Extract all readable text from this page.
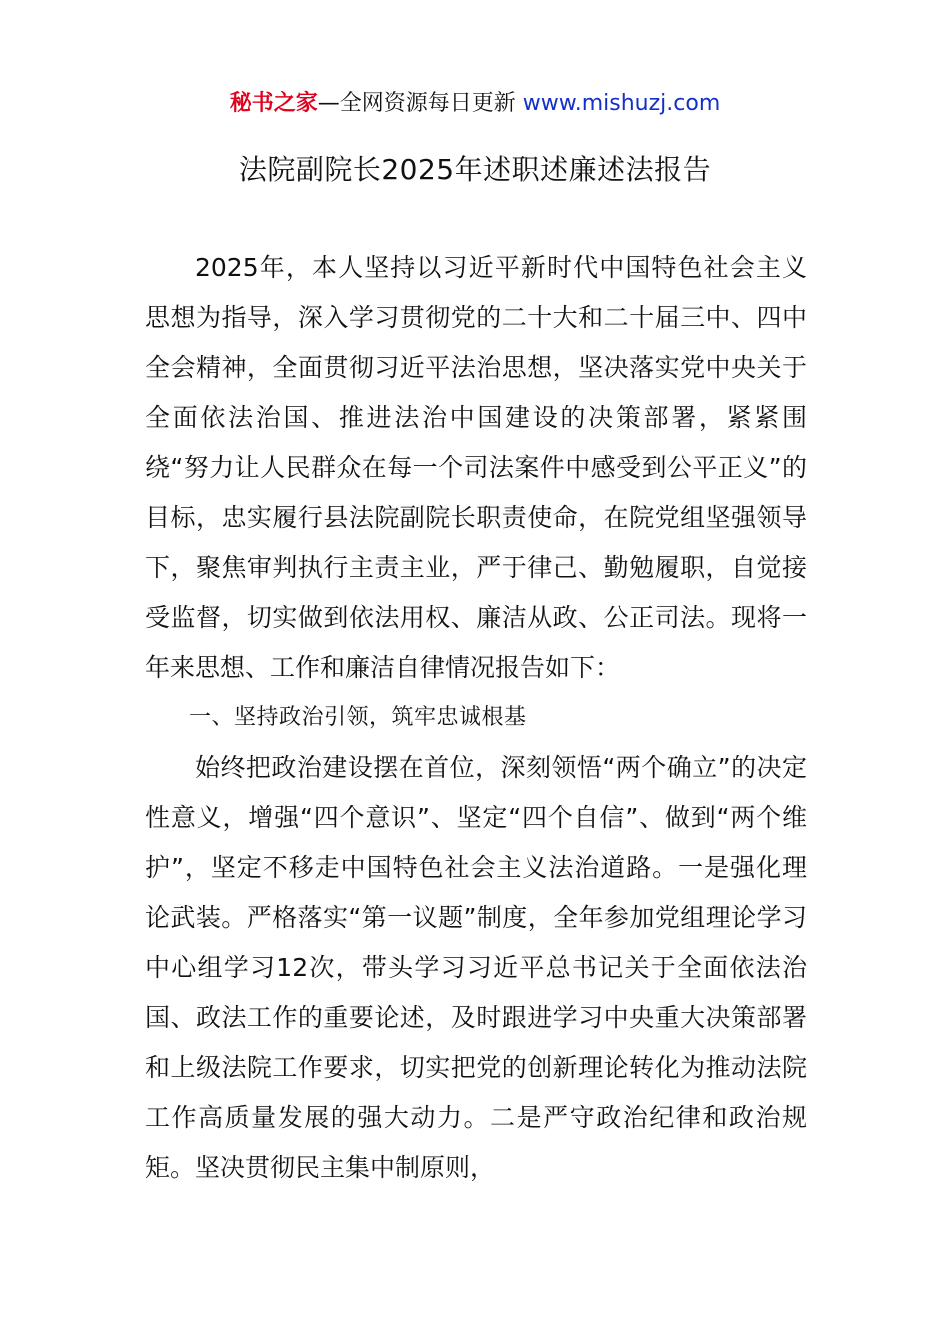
秘书之家—全网资源每日更新 www.mishuzj.com
法院副院长2025年述职述廉述法报告

2025年，本人坚持以习近平新时代中国特色社会主义思想为指导，深入学习贯彻党的二十大和二十届三中、四中全会精神，全面贯彻习近平法治思想，坚决落实党中央关于全面依法治国、推进法治中国建设的决策部署，紧紧围绕“努力让人民群众在每一个司法案件中感受到公平正义”的目标，忠实履行县法院副院长职责使命，在院党组坚强领导下，聚焦审判执行主责主业，严于律己、勤勉履职，自觉接受监督，切实做到依法用权、廉洁从政、公正司法。现将一年来思想、工作和廉洁自律情况报告如下：

一、坚持政治引领，筑牢忠诚根基

始终把政治建设摆在首位，深刻领悟“两个确立”的决定性意义，增强“四个意识”、坚定“四个自信”、做到“两个维护”，坚定不移走中国特色社会主义法治道路。一是强化理论武装。严格落实“第一议题”制度，全年参加党组理论学习中心组学习12次，带头学习习近平总书记关于全面依法治国、政法工作的重要论述，及时跟进学习中央重大决策部署和上级法院工作要求，切实把党的创新理论转化为推动法院工作高质量发展的强大动力。二是严守政治纪律和政治规矩。坚决贯彻民主集中制原则，
